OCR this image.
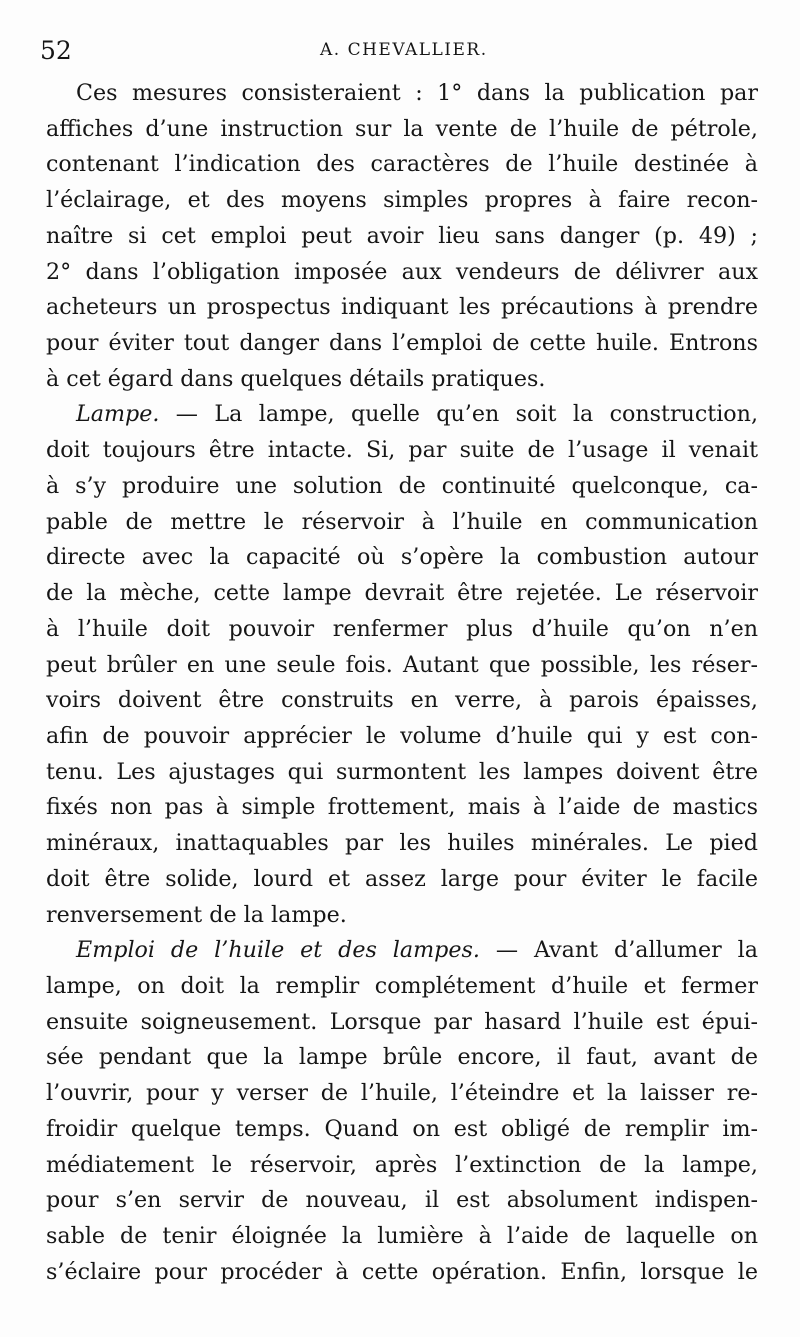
52	A. CHEVALLIER.
Ces mesures consisteraient : 1° dans la publication par
affiches d’une instruction sur la vente de l’huile de pétrole,
contenant l’indication des caractères de l’huile destinée à
l’éclairage, et des moyens simples propres à faire recon-
naître si cet emploi peut avoir lieu sans danger (p. 49) ;
2° dans l’obligation imposée aux vendeurs de délivrer aux
acheteurs un prospectus indiquant les précautions à prendre
pour éviter tout danger dans l’emploi de cette huile. Entrons
à cet égard dans quelques détails pratiques.
Lampe. — La lampe, quelle qu’en soit la construction,
doit toujours être intacte. Si, par suite de l’usage il venait
à s’y produire une solution de continuité quelconque, ca-
pable de mettre le réservoir à l’huile en communication
directe avec la capacité où s’opère la combustion autour
de la mèche, cette lampe devrait être rejetée. Le réservoir
à l’huile doit pouvoir renfermer plus d’huile qu’on n’en
peut brûler en une seule fois. Autant que possible, les réser-
voirs doivent être construits en verre, à parois épaisses,
afin de pouvoir apprécier le volume d’huile qui y est con-
tenu. Les ajustages qui surmontent les lampes doivent être
fixés non pas à simple frottement, mais à l’aide de mastics
minéraux, inattaquables par les huiles minérales. Le pied
doit être solide, lourd et assez large pour éviter le facile
renversement de la lampe.
Emploi de l’huile et des lampes. — Avant d’allumer la
lampe, on doit la remplir complétement d’huile et fermer
ensuite soigneusement. Lorsque par hasard l’huile est épui-
sée pendant que la lampe brûle encore, il faut, avant de
l’ouvrir, pour y verser de l’huile, l’éteindre et la laisser re-
froidir quelque temps. Quand on est obligé de remplir im-
médiatement le réservoir, après l’extinction de la lampe,
pour s’en servir de nouveau, il est absolument indispen-
sable de tenir éloignée la lumière à l’aide de laquelle on
s’éclaire pour procéder à cette opération. Enfin, lorsque le
